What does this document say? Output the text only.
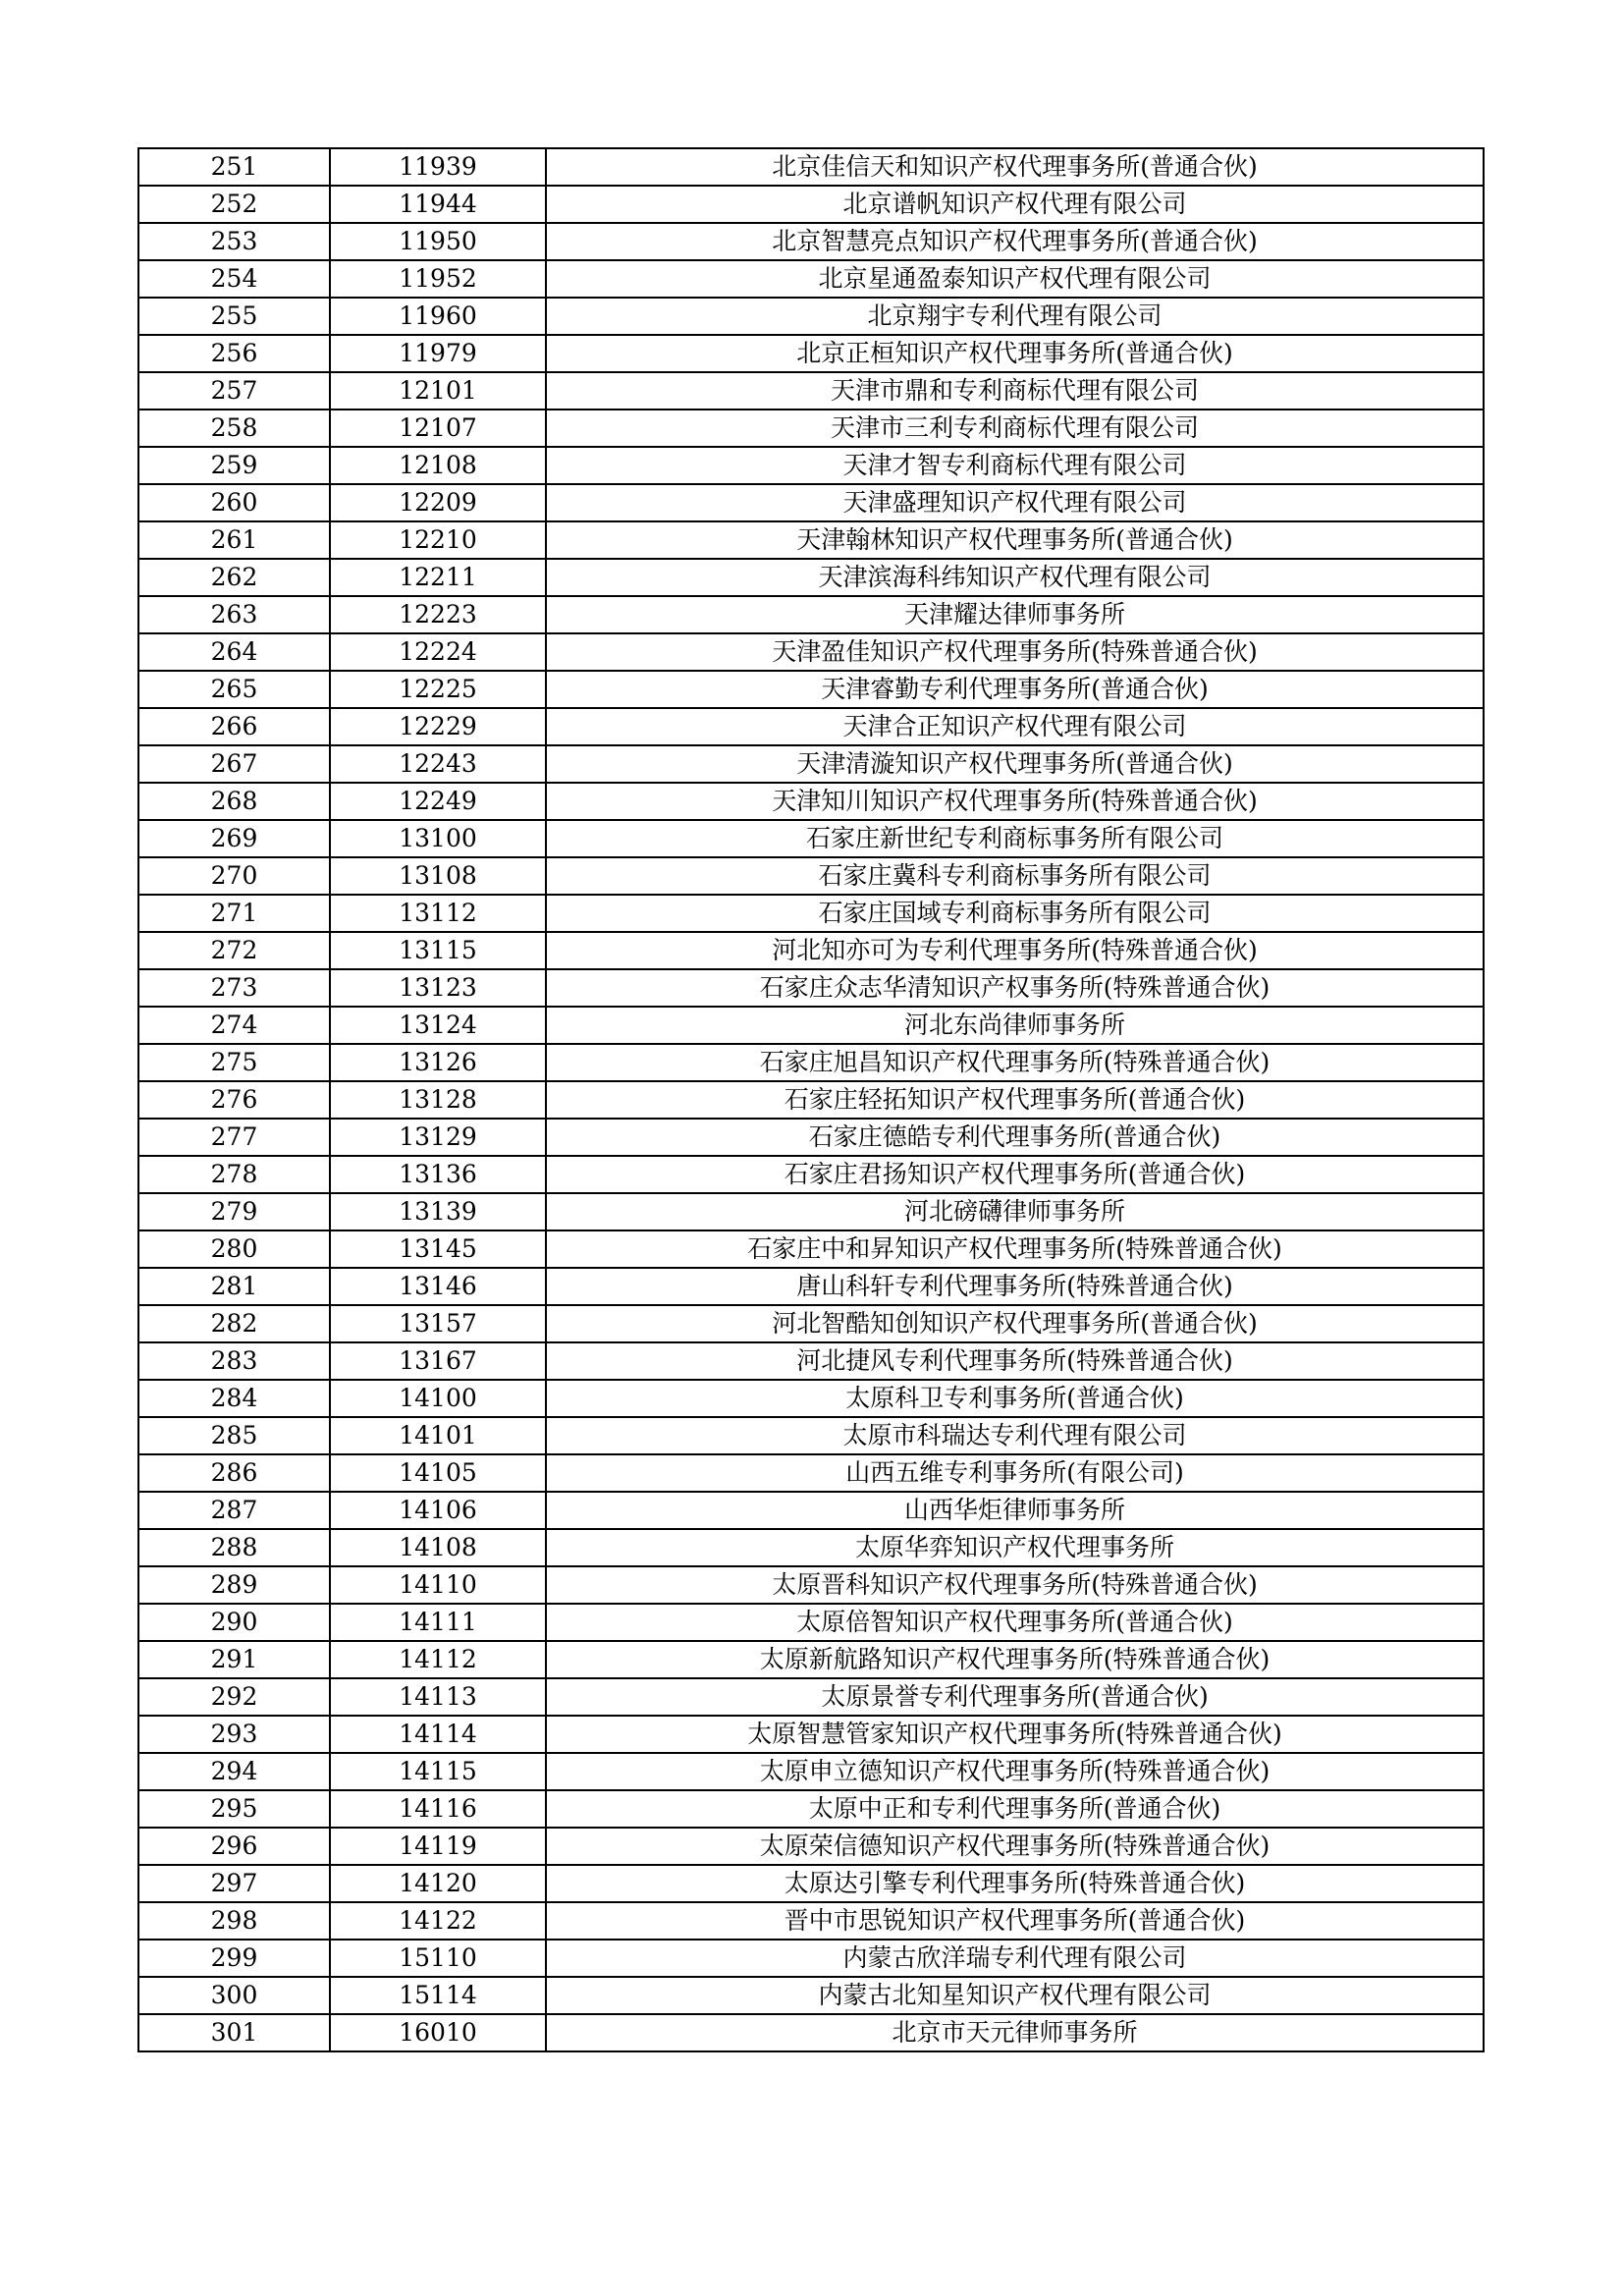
251	11939	北京佳信天和知识产权代理事务所(普通合伙)
252	11944	北京谱帆知识产权代理有限公司
253	11950	北京智慧亮点知识产权代理事务所(普通合伙)
254	11952	北京星通盈泰知识产权代理有限公司
255	11960	北京翔宇专利代理有限公司
256	11979	北京正桓知识产权代理事务所(普通合伙)
257	12101	天津市鼎和专利商标代理有限公司
258	12107	天津市三利专利商标代理有限公司
259	12108	天津才智专利商标代理有限公司
260	12209	天津盛理知识产权代理有限公司
261	12210	天津翰林知识产权代理事务所(普通合伙)
262	12211	天津滨海科纬知识产权代理有限公司
263	12223	天津耀达律师事务所
264	12224	天津盈佳知识产权代理事务所(特殊普通合伙)
265	12225	天津睿勤专利代理事务所(普通合伙)
266	12229	天津合正知识产权代理有限公司
267	12243	天津清漩知识产权代理事务所(普通合伙)
268	12249	天津知川知识产权代理事务所(特殊普通合伙)
269	13100	石家庄新世纪专利商标事务所有限公司
270	13108	石家庄冀科专利商标事务所有限公司
271	13112	石家庄国域专利商标事务所有限公司
272	13115	河北知亦可为专利代理事务所(特殊普通合伙)
273	13123	石家庄众志华清知识产权事务所(特殊普通合伙)
274	13124	河北东尚律师事务所
275	13126	石家庄旭昌知识产权代理事务所(特殊普通合伙)
276	13128	石家庄轻拓知识产权代理事务所(普通合伙)
277	13129	石家庄德皓专利代理事务所(普通合伙)
278	13136	石家庄君扬知识产权代理事务所(普通合伙)
279	13139	河北磅礴律师事务所
280	13145	石家庄中和昇知识产权代理事务所(特殊普通合伙)
281	13146	唐山科轩专利代理事务所(特殊普通合伙)
282	13157	河北智酷知创知识产权代理事务所(普通合伙)
283	13167	河北捷风专利代理事务所(特殊普通合伙)
284	14100	太原科卫专利事务所(普通合伙)
285	14101	太原市科瑞达专利代理有限公司
286	14105	山西五维专利事务所(有限公司)
287	14106	山西华炬律师事务所
288	14108	太原华弈知识产权代理事务所
289	14110	太原晋科知识产权代理事务所(特殊普通合伙)
290	14111	太原倍智知识产权代理事务所(普通合伙)
291	14112	太原新航路知识产权代理事务所(特殊普通合伙)
292	14113	太原景誉专利代理事务所(普通合伙)
293	14114	太原智慧管家知识产权代理事务所(特殊普通合伙)
294	14115	太原申立德知识产权代理事务所(特殊普通合伙)
295	14116	太原中正和专利代理事务所(普通合伙)
296	14119	太原荣信德知识产权代理事务所(特殊普通合伙)
297	14120	太原达引擎专利代理事务所(特殊普通合伙)
298	14122	晋中市思锐知识产权代理事务所(普通合伙)
299	15110	内蒙古欣洋瑞专利代理有限公司
300	15114	内蒙古北知星知识产权代理有限公司
301	16010	北京市天元律师事务所
